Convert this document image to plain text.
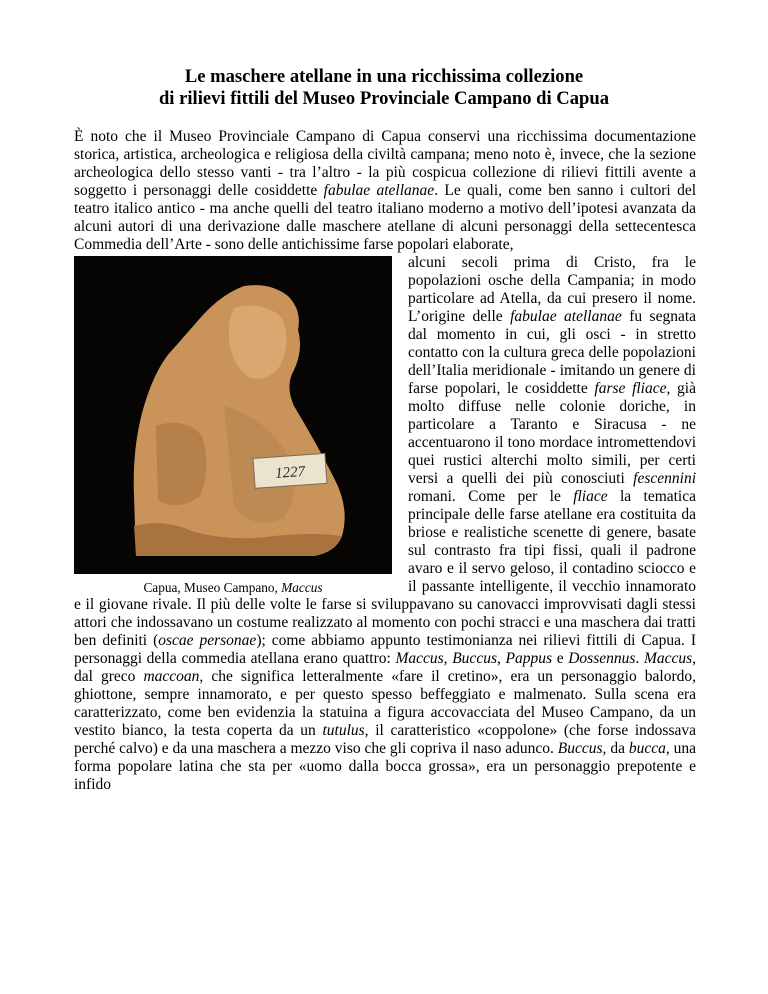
Le maschere atellane in una ricchissima collezione
di rilievi fittili del Museo Provinciale Campano di Capua

È noto che il Museo Provinciale Campano di Capua conservi una ricchissima documentazione storica, artistica, archeologica e religiosa della civiltà campana; meno noto è, invece, che la sezione archeologica dello stesso vanti - tra l’altro - la più cospicua collezione di rilievi fittili avente a soggetto i personaggi delle cosiddette fabulae atellanae. Le quali, come ben sanno i cultori del teatro italico antico - ma anche quelli del teatro italiano moderno a motivo dell’ipotesi avanzata da alcuni autori di una derivazione dalle maschere atellane di alcuni personaggi della settecentesca Commedia dell’Arte - sono delle antichissime farse popolari elaborate,

1227
Capua, Museo Campano, Maccus

alcuni secoli prima di Cristo, fra le popolazioni osche della Campania; in modo particolare ad Atella, da cui presero il nome. L’origine delle fabulae atellanae fu segnata dal momento in cui, gli osci - in stretto contatto con la cultura greca delle popolazioni dell’Italia meridionale - imitando un genere di farse popolari, le cosiddette farse fliace, già molto diffuse nelle colonie doriche, in particolare a Taranto e Siracusa - ne accentuarono il tono mordace intromettendovi quei rustici alterchi molto simili, per certi versi a quelli dei più conosciuti fescennini romani. Come per le fliace la tematica principale delle farse atellane era costituita da briose e realistiche scenette di genere, basate sul contrasto fra tipi fissi, quali il padrone avaro e il servo geloso, il contadino sciocco e il passante intelligente, il vecchio innamorato e il giovane rivale. Il più delle volte le farse si sviluppavano su canovacci improvvisati dagli stessi attori che indossavano un costume realizzato al momento con pochi stracci e una maschera dai tratti ben definiti (oscae personae); come abbiamo appunto testimonianza nei rilievi fittili di Capua. I personaggi della commedia atellana erano quattro: Maccus, Buccus, Pappus e Dossennus. Maccus, dal greco maccoan, che significa letteralmente «fare il cretino», era un personaggio balordo, ghiottone, sempre innamorato, e per questo spesso beffeggiato e malmenato. Sulla scena era caratterizzato, come ben evidenzia la statuina a figura accovacciata del Museo Campano, da un vestito bianco, la testa coperta da un tutulus, il caratteristico «coppolone» (che forse indossava perché calvo) e da una maschera a mezzo viso che gli copriva il naso adunco. Buccus, da bucca, una forma popolare latina che sta per «uomo dalla bocca grossa», era un personaggio prepotente e infido
